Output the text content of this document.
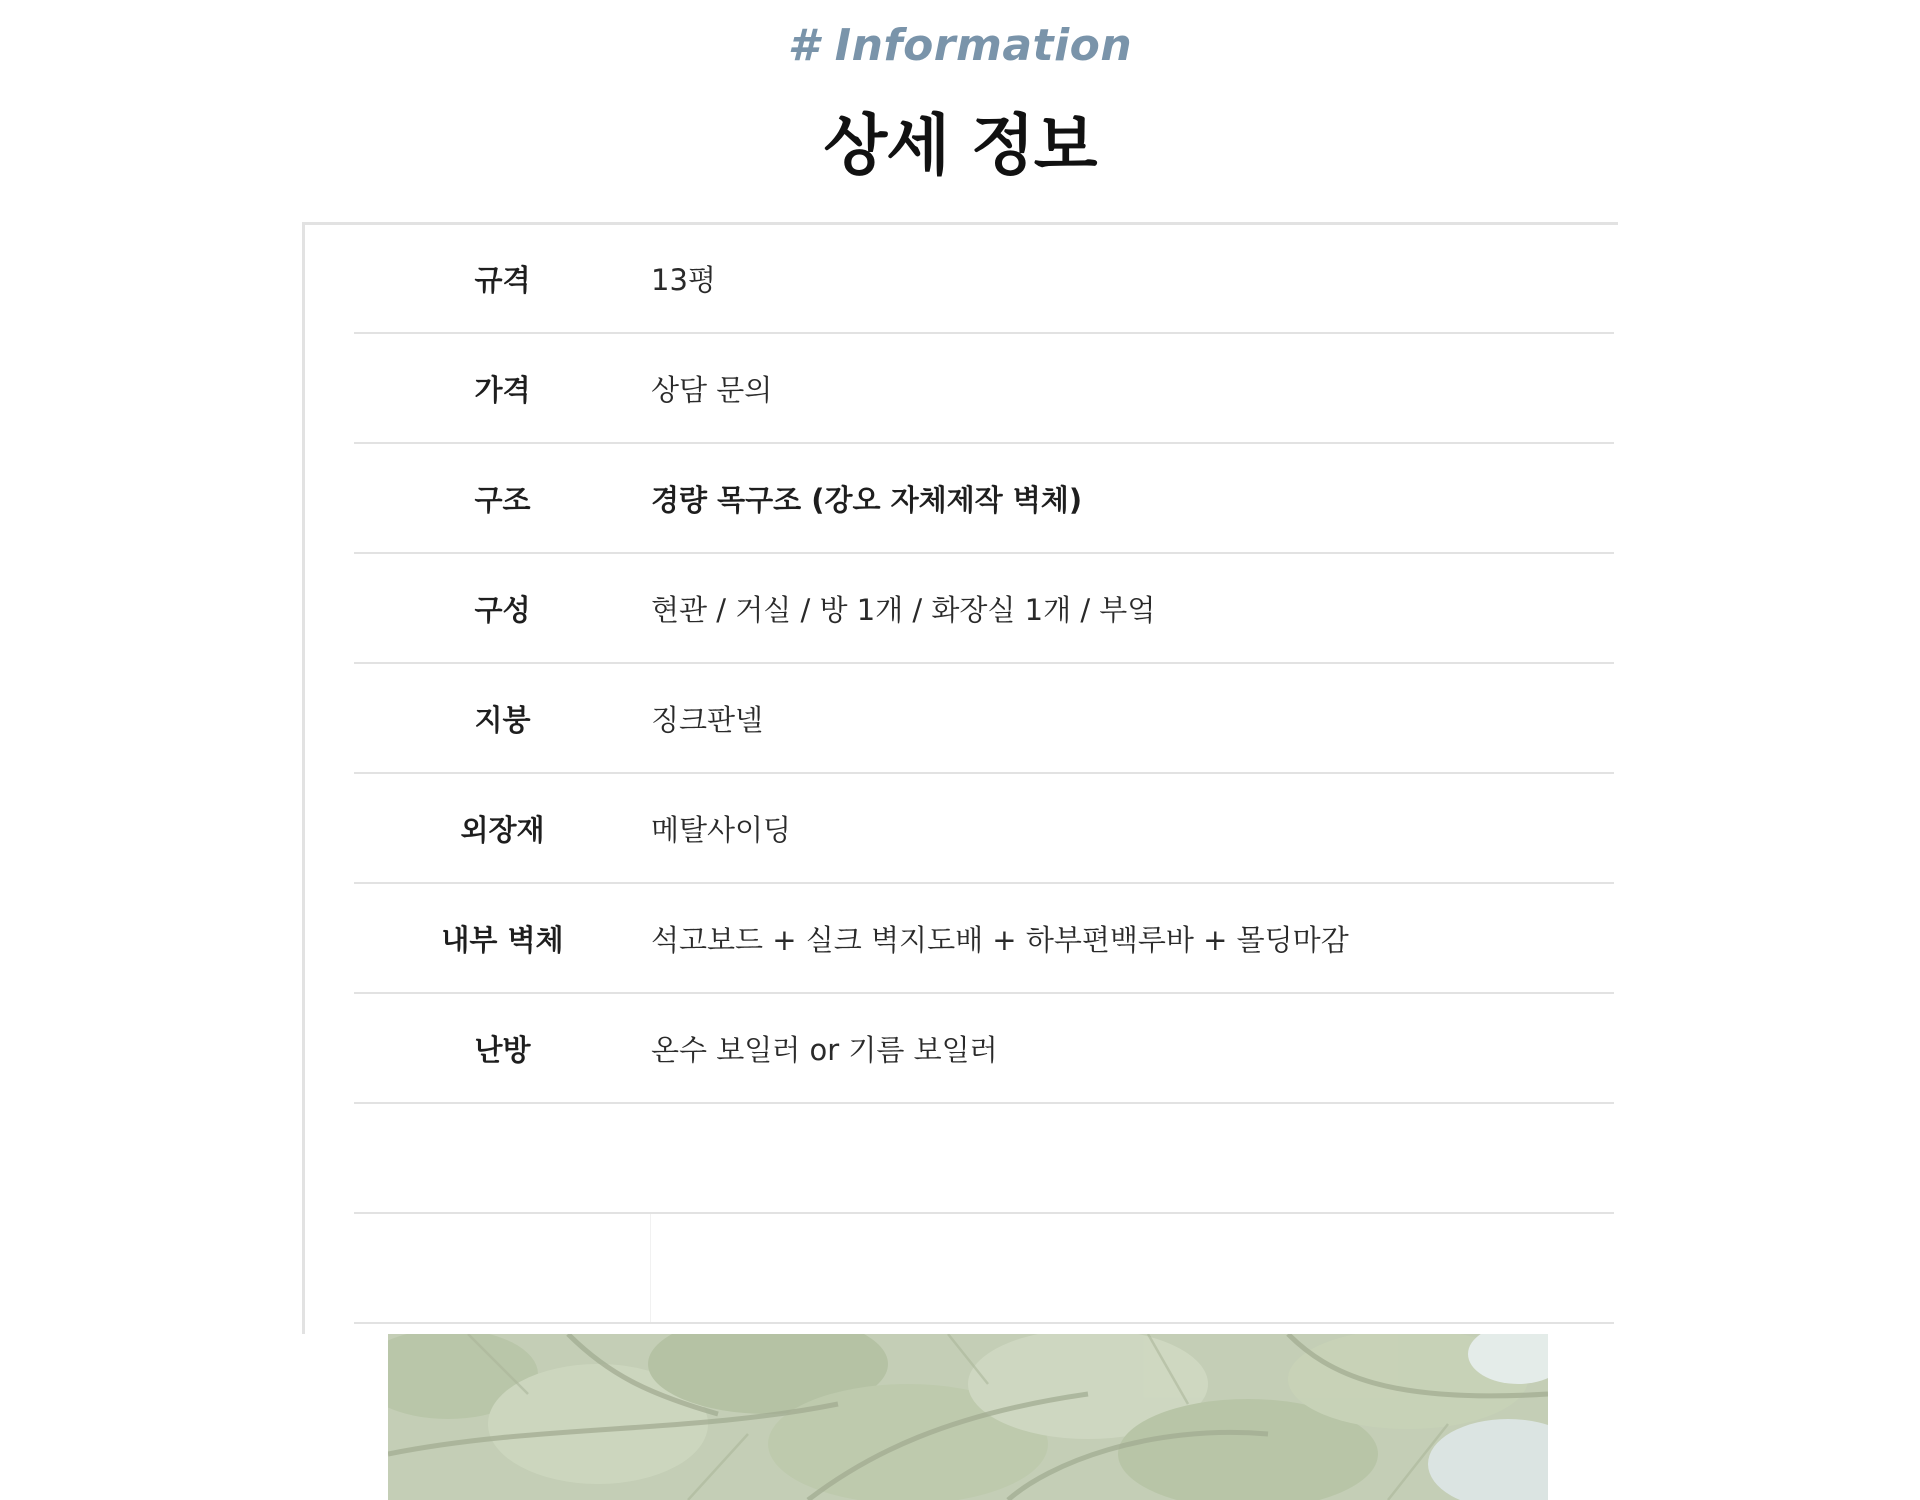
# Information
상세 정보
규격	13평
가격	상담 문의
구조	경량 목구조 (강오 자체제작 벽체)
구성	현관 / 거실 / 방 1개 / 화장실 1개 / 부엌
지붕	징크판넬
외장재	메탈사이딩
내부 벽체	석고보드 + 실크 벽지도배 + 하부편백루바 + 몰딩마감
난방	온수 보일러 or 기름 보일러
